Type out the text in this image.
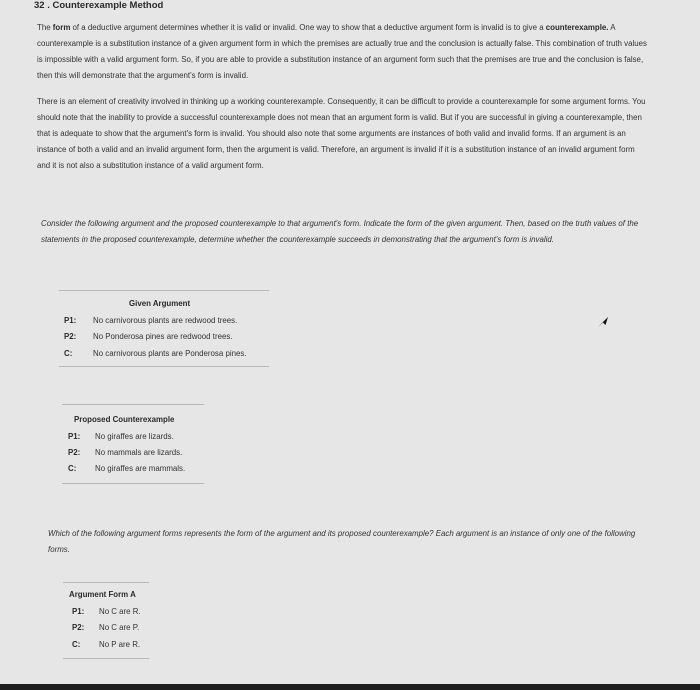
32 . Counterexample Method
The form of a deductive argument determines whether it is valid or invalid. One way to show that a deductive argument form is invalid is to give a counterexample. A counterexample is a substitution instance of a given argument form in which the premises are actually true and the conclusion is actually false. This combination of truth values is impossible with a valid argument form. So, if you are able to provide a substitution instance of an argument form such that the premises are true and the conclusion is false, then this will demonstrate that the argument's form is invalid.
There is an element of creativity involved in thinking up a working counterexample. Consequently, it can be difficult to provide a counterexample for some argument forms. You should note that the inability to provide a successful counterexample does not mean that an argument form is valid. But if you are successful in giving a counterexample, then that is adequate to show that the argument's form is invalid. You should also note that some arguments are instances of both valid and invalid forms. If an argument is an instance of both a valid and an invalid argument form, then the argument is valid. Therefore, an argument is invalid if it is a substitution instance of an invalid argument form and it is not also a substitution instance of a valid argument form.
Consider the following argument and the proposed counterexample to that argument's form. Indicate the form of the given argument. Then, based on the truth values of the statements in the proposed counterexample, determine whether the counterexample succeeds in demonstrating that the argument's form is invalid.
Given Argument
P1: No carnivorous plants are redwood trees.
P2: No Ponderosa pines are redwood trees.
C:	No carnivorous plants are Ponderosa pines.
Proposed Counterexample
P1: No giraffes are lizards.
P2: No mammals are lizards.
C: No giraffes are mammals.
Which of the following argument forms represents the form of the argument and its proposed counterexample? Each argument is an instance of only one of the following forms.
Argument Form A
P1: No C are R.
P2: No C are P.
C: No P are R.
